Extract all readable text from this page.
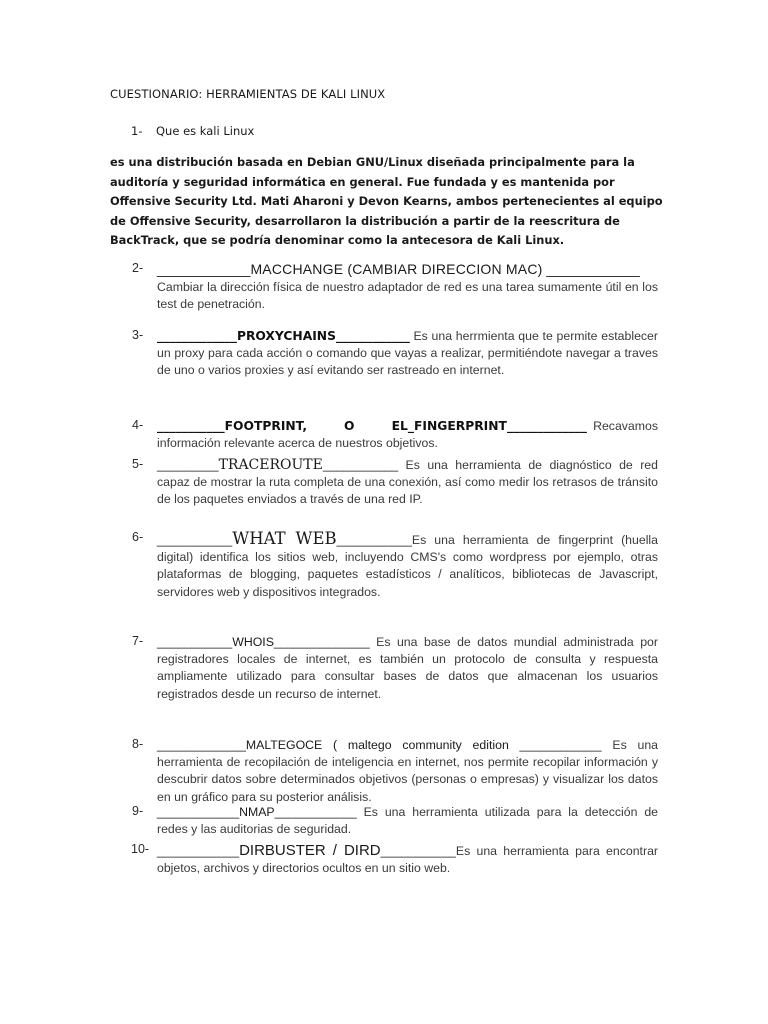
CUESTIONARIO: HERRAMIENTAS DE KALI LINUX
1- Que es kali Linux
es una distribución basada en Debian GNU/Linux diseñada principalmente para la auditoría y seguridad informática en general. Fue fundada y es mantenida por Offensive Security Ltd. Mati Aharoni y Devon Kearns, ambos pertenecientes al equipo de Offensive Security, desarrollaron la distribución a partir de la reescritura de BackTrack, que se podría denominar como la antecesora de Kali Linux.
2- ____________MACCHANGE (CAMBIAR DIRECCION MAC) ____________
Cambiar la dirección física de nuestro adaptador de red es una tarea sumamente útil en los test de penetración.
3- _____________PROXYCHAINS____________ Es una herrmienta que te permite establecer un proxy para cada acción o comando que vayas a realizar, permitiéndote navegar a traves de uno o varios proxies y así evitando ser rastreado en internet.
4- ___________FOOTPRINT, O EL_FINGERPRINT_____________ Recavamos información relevante acerca de nuestros objetivos.
5- _________TRACEROUTE___________ Es una herramienta de diagnóstico de red capaz de mostrar la ruta completa de una conexión, así como medir los retrasos de tránsito de los paquetes enviados a través de una red IP.
6- ___________WHAT WEB___________Es una herramienta de fingerprint (huella digital) identifica los sitios web, incluyendo CMS's como wordpress por ejemplo, otras plataformas de blogging, paquetes estadísticos / analíticos, bibliotecas de Javascript, servidores web y dispositivos integrados.
7- ___________WHOIS______________ Es una base de datos mundial administrada por registradores locales de internet, es también un protocolo de consulta y respuesta ampliamente utilizado para consultar bases de datos que almacenan los usuarios registrados desde un recurso de internet.
8- _____________MALTEGOCE ( maltego community edition ____________ Es una herramienta de recopilación de inteligencia en internet, nos permite recopilar información y descubrir datos sobre determinados objetivos (personas o empresas) y visualizar los datos en un gráfico para su posterior análisis.
9- ____________NMAP____________ Es una herramienta utilizada para la detección de redes y las auditorias de seguridad.
10- ____________DIRBUSTER / DIRD___________Es una herramienta para encontrar objetos, archivos y directorios ocultos en un sitio web.
